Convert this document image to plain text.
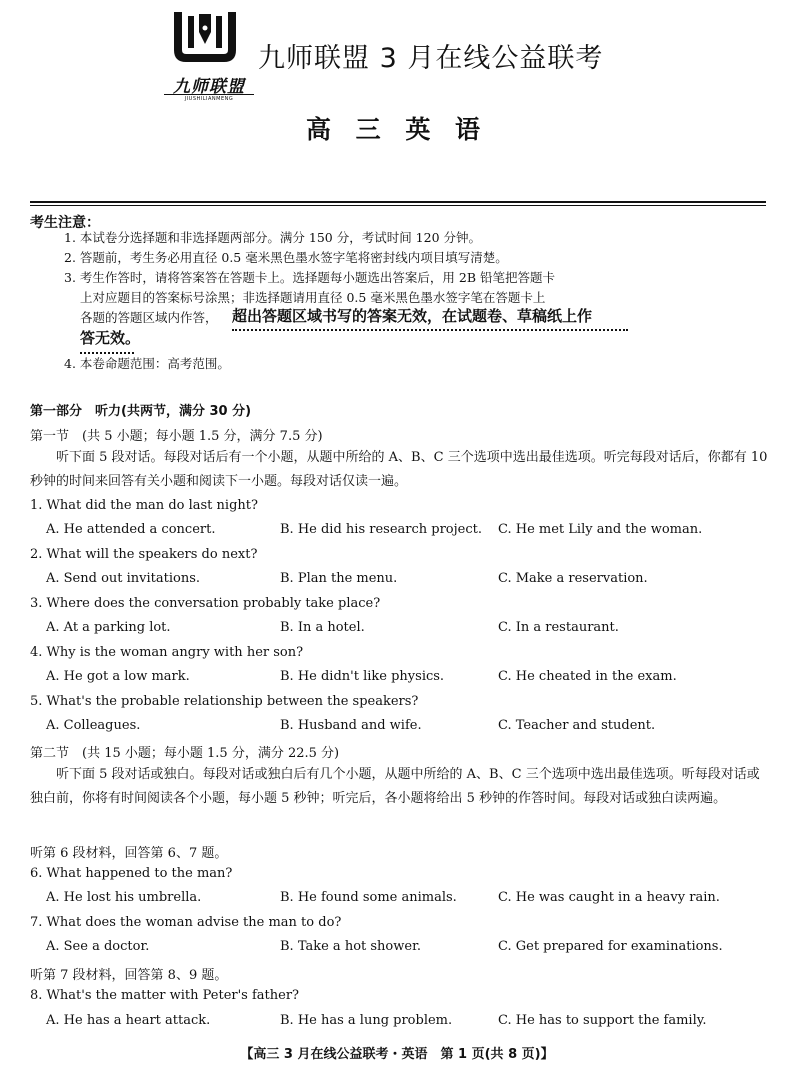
九师联盟
JIUSHILIANMENG
九师联盟 3 月在线公益联考
高 三 英 语
考生注意：
1. 本试卷分选择题和非选择题两部分。满分 150 分，考试时间 120 分钟。
2. 答题前，考生务必用直径 0.5 毫米黑色墨水签字笔将密封线内项目填写清楚。
3. 考生作答时，请将答案答在答题卡上。选择题每小题选出答案后，用 2B 铅笔把答题卡
上对应题目的答案标号涂黑；非选择题请用直径 0.5 毫米黑色墨水签字笔在答题卡上
各题的答题区域内作答， 超出答题区域书写的答案无效，在试题卷、草稿纸上作
答无效。
4. 本卷命题范围：高考范围。
第一部分　听力(共两节，满分 30 分)
第一节　(共 5 小题；每小题 1.5 分，满分 7.5 分)
听下面 5 段对话。每段对话后有一个小题，从题中所给的 A、B、C 三个选项中选出最佳选项。听完每段对话后，你都有 10 秒钟的时间来回答有关小题和阅读下一小题。每段对话仅读一遍。
1. What did the man do last night?
A. He attended a concert.	B. He did his research project. C. He met Lily and the woman.
2. What will the speakers do next?
A. Send out invitations.	B. Plan the menu.	C. Make a reservation.
3. Where does the conversation probably take place?
A. At a parking lot.	B. In a hotel.	C. In a restaurant.
4. Why is the woman angry with her son?
A. He got a low mark.	B. He didn't like physics.	C. He cheated in the exam.
5. What's the probable relationship between the speakers?
A. Colleagues.	B. Husband and wife.	C. Teacher and student.
第二节　(共 15 小题；每小题 1.5 分，满分 22.5 分)
听下面 5 段对话或独白。每段对话或独白后有几个小题，从题中所给的 A、B、C 三个选项中选出最佳选项。听每段对话或独白前，你将有时间阅读各个小题，每小题 5 秒钟；听完后，各小题将给出 5 秒钟的作答时间。每段对话或独白读两遍。
听第 6 段材料，回答第 6、7 题。
6. What happened to the man?
A. He lost his umbrella.	B. He found some animals.	C. He was caught in a heavy rain.
7. What does the woman advise the man to do?
A. See a doctor.	B. Take a hot shower.	C. Get prepared for examinations.
听第 7 段材料，回答第 8、9 题。
8. What's the matter with Peter's father?
A. He has a heart attack.	B. He has a lung problem.	C. He has to support the family.
【高三 3 月在线公益联考・英语　第 1 页(共 8 页)】
